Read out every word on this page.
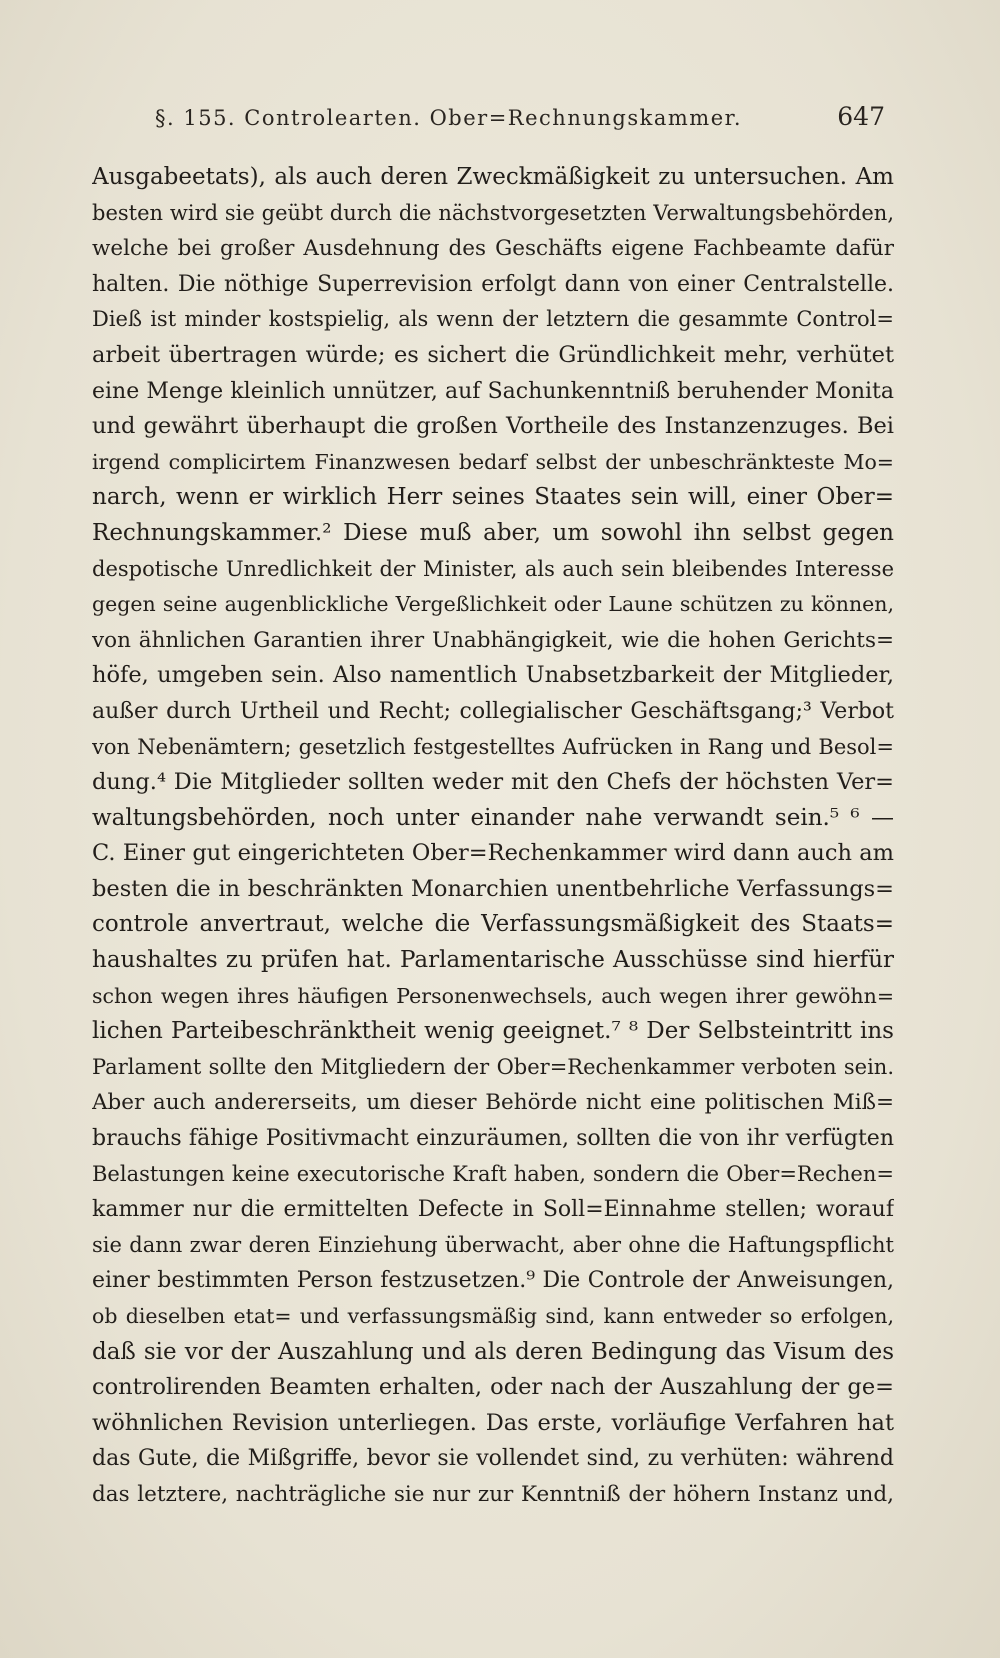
§. 155. Controlearten. Ober=Rechnungskammer.	647
Ausgabeetats), als auch deren Zweckmäßigkeit zu untersuchen. Am
besten wird sie geübt durch die nächstvorgesetzten Verwaltungsbehörden,
welche bei großer Ausdehnung des Geschäfts eigene Fachbeamte dafür
halten. Die nöthige Superrevision erfolgt dann von einer Centralstelle.
Dieß ist minder kostspielig, als wenn der letztern die gesammte Control=
arbeit übertragen würde; es sichert die Gründlichkeit mehr, verhütet
eine Menge kleinlich unnützer, auf Sachunkenntniß beruhender Monita
und gewährt überhaupt die großen Vortheile des Instanzenzuges. Bei
irgend complicirtem Finanzwesen bedarf selbst der unbeschränkteste Mo=
narch, wenn er wirklich Herr seines Staates sein will, einer Ober=
Rechnungskammer.² Diese muß aber, um sowohl ihn selbst gegen
despotische Unredlichkeit der Minister, als auch sein bleibendes Interesse
gegen seine augenblickliche Vergeßlichkeit oder Laune schützen zu können,
von ähnlichen Garantien ihrer Unabhängigkeit, wie die hohen Gerichts=
höfe, umgeben sein. Also namentlich Unabsetzbarkeit der Mitglieder,
außer durch Urtheil und Recht; collegialischer Geschäftsgang;³ Verbot
von Nebenämtern; gesetzlich festgestelltes Aufrücken in Rang und Besol=
dung.⁴ Die Mitglieder sollten weder mit den Chefs der höchsten Ver=
waltungsbehörden, noch unter einander nahe verwandt sein.⁵ ⁶ —
C. Einer gut eingerichteten Ober=Rechenkammer wird dann auch am
besten die in beschränkten Monarchien unentbehrliche Verfassungs=
controle anvertraut, welche die Verfassungsmäßigkeit des Staats=
haushaltes zu prüfen hat. Parlamentarische Ausschüsse sind hierfür
schon wegen ihres häufigen Personenwechsels, auch wegen ihrer gewöhn=
lichen Parteibeschränktheit wenig geeignet.⁷ ⁸ Der Selbsteintritt ins
Parlament sollte den Mitgliedern der Ober=Rechenkammer verboten sein.
Aber auch andererseits, um dieser Behörde nicht eine politischen Miß=
brauchs fähige Positivmacht einzuräumen, sollten die von ihr verfügten
Belastungen keine executorische Kraft haben, sondern die Ober=Rechen=
kammer nur die ermittelten Defecte in Soll=Einnahme stellen; worauf
sie dann zwar deren Einziehung überwacht, aber ohne die Haftungspflicht
einer bestimmten Person festzusetzen.⁹ Die Controle der Anweisungen,
ob dieselben etat= und verfassungsmäßig sind, kann entweder so erfolgen,
daß sie vor der Auszahlung und als deren Bedingung das Visum des
controlirenden Beamten erhalten, oder nach der Auszahlung der ge=
wöhnlichen Revision unterliegen. Das erste, vorläufige Verfahren hat
das Gute, die Mißgriffe, bevor sie vollendet sind, zu verhüten: während
das letztere, nachträgliche sie nur zur Kenntniß der höhern Instanz und,
